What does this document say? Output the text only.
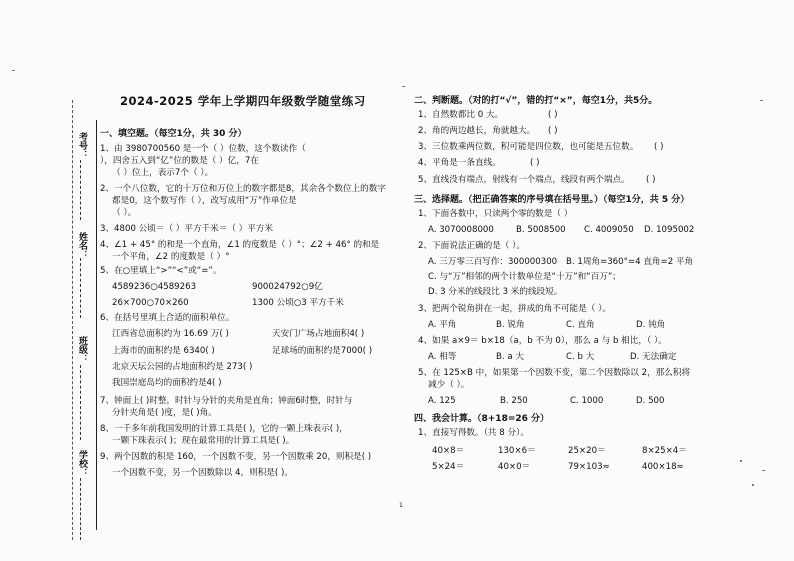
考号：
姓名：
班级：
学校：
2024-2025 学年上学期四年级数学随堂练习
一、填空题。（每空1分，共 30 分）
1、由 3980700560 是一个（ ）位数，这个数读作（
），四舍五入到“亿”位的数是（ ）亿，7在
（ ）位上，表示7个（ ）。
2、一个八位数，它的十万位和万位上的数字都是8，其余各个数位上的数字
都是0，这个数写作（ ），改写成用“万”作单位是
（ ）。
3、4800 公顷＝（ ）平方千米＝（ ）平方米
4、∠1 + 45° 的和是一个直角，∠1 的度数是（ ）°；∠2 + 46° 的和是
一个平角，∠2 的度数是（ ）°
5、在○里填上“>”“<”或“=”。
4589236○4589263	900024792○9亿
26×700○70×260	1300 公顷○3 平方千米
6、在括号里填上合适的面积单位。
江西省总面积约为 16.69 万( )	天安门广场占地面积4( )
上海市的面积约是 6340( )	足球场的面积约是7000( )
北京天坛公园的占地面积约是 273( )
我国崇庭岛均的面积约是4( )
7、钟面上( )时整，时针与分针的夹角是直角；钟面6时整，时针与
分针夹角是( )度，是( )角。
8、一千多年前我国发明的计算工具是( )，它的一颗上珠表示( )，
一颗下珠表示( )；现在最常用的计算工具是( )。
9、两个因数的积是 160，一个因数不变，另一个因数乘 20，则积是( )
一个因数不变，另一个因数除以 4，则积是( )。
1
二、判断题。（对的打“√”，错的打“×”，每空1分，共5分。
1、自然数都比 0 大。	( )
2、角的两边越长，角就越大。 ( )
3、三位数乘两位数，积可能是四位数，也可能是五位数。 ( )
4、平角是一条直线。	( )
5、直线没有端点，射线有一个端点，线段有两个端点。 ( )
三、选择题。（把正确答案的序号填在括号里。）（每空1分，共 5 分）
1、下面各数中，只读两个零的数是（ ）
A. 3070008000	B. 5008500 C. 4009050 D. 1095002
2、下面说法正确的是（ ）。
A. 三万零三百写作：300000300 B. 1周角=360°=4 直角=2 平角
C. 与“万”相邻的两个计数单位是“十万”和“百万”；
D. 3 分米的线段比 3 米的线段短。
3、把两个锐角拼在一起，拼成的角不可能是（ ）。
A. 平角	B. 锐角	C. 直角	D. 钝角
4、如果 a×9＝ b×18（a，b 不为 0），那么 a 与 b 相比，（ ）。
A. 相等	B. a 大	C. b 大	D. 无法确定
5、在 125×B 中，如果第一个因数不变，第二个因数除以 2，那么积将
减少（ ）。
A. 125	B. 250	C. 1000	D. 500
四、我会计算。（8+18=26 分）
1、直接写得数。（共 8 分）。
40×8＝	130×6＝	25×20＝	8×25×4＝
5×24＝	40×0＝	79×103≈	400×18≈
